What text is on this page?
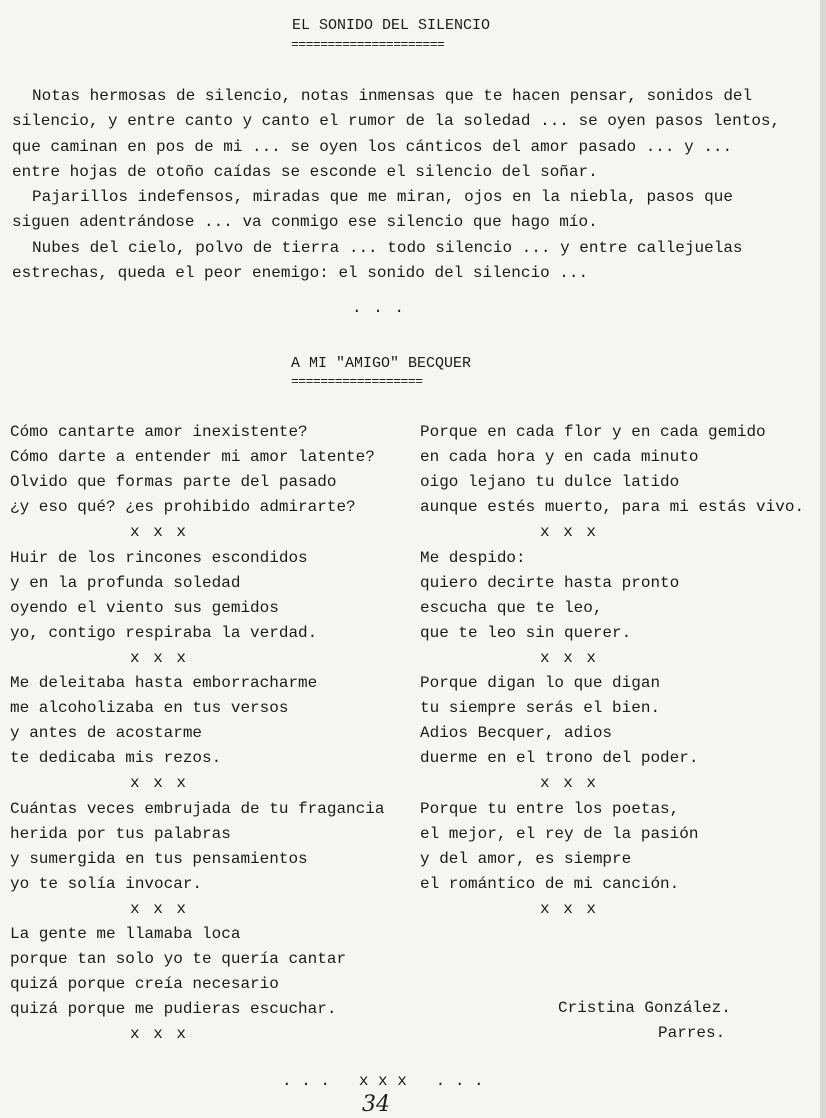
EL SONIDO DEL SILENCIO
=====================
Notas hermosas de silencio, notas inmensas que te hacen pensar, sonidos del silencio, y entre canto y canto el rumor de la soledad ... se oyen pasos lentos, que caminan en pos de mi ... se oyen los cánticos del amor pasado ... y ... entre hojas de otoño caídas se esconde el silencio del soñar.
Pajarillos indefensos, miradas que me miran, ojos en la niebla, pasos que siguen adentrándose ... va conmigo ese silencio que hago mío.
Nubes del cielo, polvo de tierra ... todo silencio ... y entre callejuelas estrechas, queda el peor enemigo: el sonido del silencio ...
. . .
A MI "AMIGO" BECQUER
==================
Cómo cantarte amor inexistente?
Cómo darte a entender mi amor latente?
Olvido que formas parte del pasado
¿y eso qué? ¿es prohibido admirarte?
x x x
Huir de los rincones escondidos
y en la profunda soledad
oyendo el viento sus gemidos
yo, contigo respiraba la verdad.
x x x
Me deleitaba hasta emborracharme
me alcoholizaba en tus versos
y antes de acostarme
te dedicaba mis rezos.
x x x
Cuántas veces embrujada de tu fragancia
herida por tus palabras
y sumergida en tus pensamientos
yo te solía invocar.
x x x
La gente me llamaba loca
porque tan solo yo te quería cantar
quizá porque creía necesario
quizá porque me pudieras escuchar.
x x x
Porque en cada flor y en cada gemido
en cada hora y en cada minuto
oigo lejano tu dulce latido
aunque estés muerto, para mi estás vivo.
x x x
Me despido:
quiero decirte hasta pronto
escucha que te leo,
que te leo sin querer.
x x x
Porque digan lo que digan
tu siempre serás el bien.
Adios Becquer, adios
duerme en el trono del poder.
x x x
Porque tu entre los poetas,
el mejor, el rey de la pasión
y del amor, es siempre
el romántico de mi canción.
x x x
Cristina González.
Parres.
. . .   x x x   . . .
34
